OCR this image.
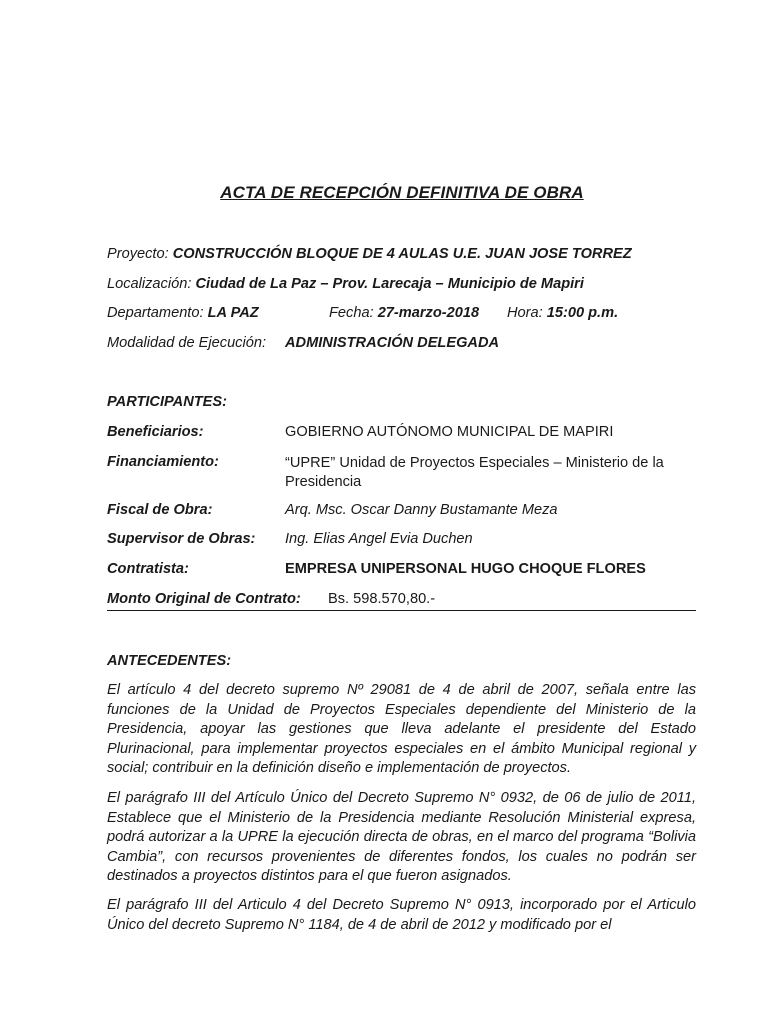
ACTA DE RECEPCIÓN DEFINITIVA DE OBRA
Proyecto: CONSTRUCCIÓN BLOQUE DE 4 AULAS U.E. JUAN JOSE TORREZ
Localización: Ciudad de La Paz – Prov. Larecaja – Municipio de Mapiri
Departamento: LA PAZ	Fecha: 27-marzo-2018 Hora: 15:00 p.m.
Modalidad de Ejecución: ADMINISTRACIÓN DELEGADA
PARTICIPANTES:
Beneficiarios:	GOBIERNO AUTÓNOMO MUNICIPAL DE MAPIRI
Financiamiento:	“UPRE” Unidad de Proyectos Especiales – Ministerio de la Presidencia
Fiscal de Obra:	Arq. Msc. Oscar Danny Bustamante Meza
Supervisor de Obras: Ing. Elias Angel Evia Duchen
Contratista:	EMPRESA UNIPERSONAL HUGO CHOQUE FLORES
Monto Original de Contrato: Bs. 598.570,80.-
ANTECEDENTES:

El artículo 4 del decreto supremo Nº 29081 de 4 de abril de 2007, señala entre las funciones de la Unidad de Proyectos Especiales dependiente del Ministerio de la Presidencia, apoyar las gestiones que lleva adelante el presidente del Estado Plurinacional, para implementar proyectos especiales en el ámbito Municipal regional y social; contribuir en la definición diseño e implementación de proyectos.

El parágrafo III del Artículo Único del Decreto Supremo N° 0932, de 06 de julio de 2011, Establece que el Ministerio de la Presidencia mediante Resolución Ministerial expresa, podrá autorizar a la UPRE la ejecución directa de obras, en el marco del programa “Bolivia Cambia”, con recursos provenientes de diferentes fondos, los cuales no podrán ser destinados a proyectos distintos para el que fueron asignados.

El parágrafo III del Articulo 4 del Decreto Supremo N° 0913, incorporado por el Articulo Único del decreto Supremo N° 1184, de 4 de abril de 2012 y modificado por el
